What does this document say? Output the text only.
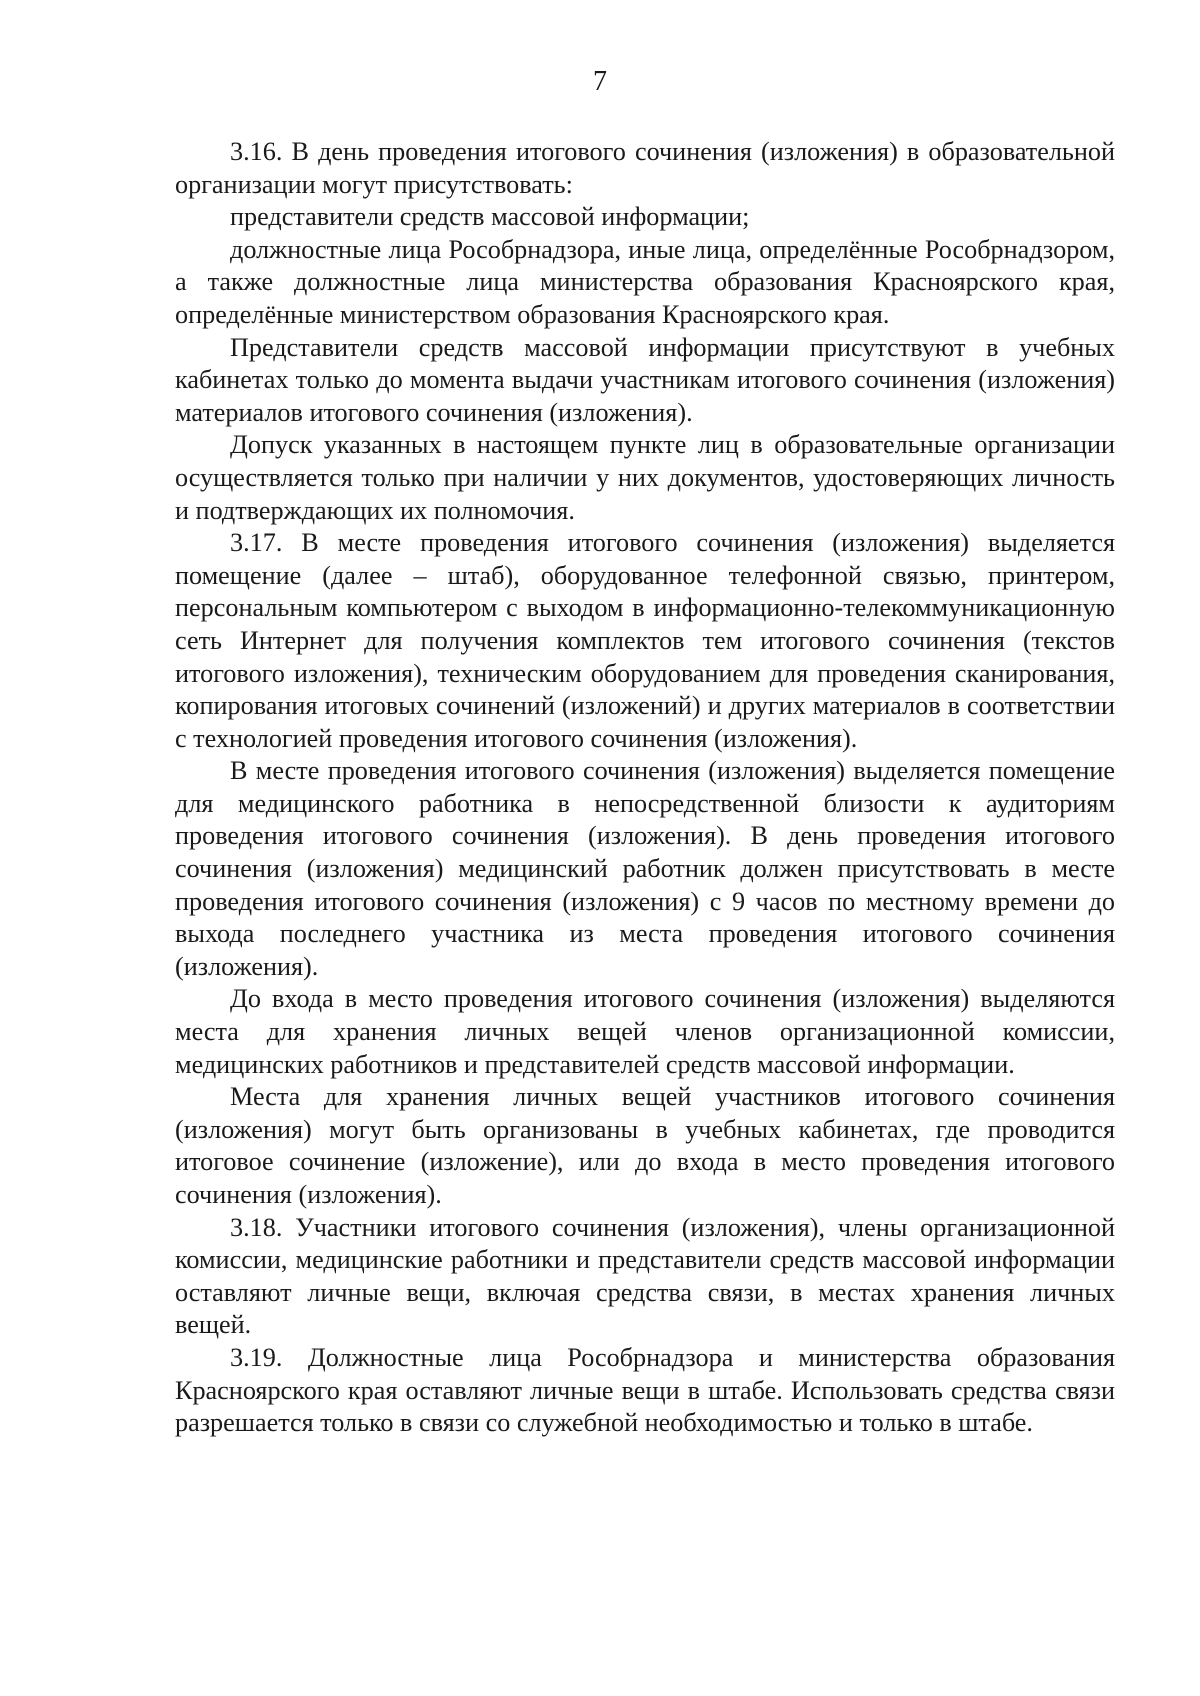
7

3.16. В день проведения итогового сочинения (изложения) в образовательной организации могут присутствовать:

представители средств массовой информации;

должностные лица Рособрнадзора, иные лица, определённые Рособрнадзором, а также должностные лица министерства образования Красноярского края, определённые министерством образования Красноярского края.

Представители средств массовой информации присутствуют в учебных кабинетах только до момента выдачи участникам итогового сочинения (изложения) материалов итогового сочинения (изложения).

Допуск указанных в настоящем пункте лиц в образовательные организации осуществляется только при наличии у них документов, удостоверяющих личность и подтверждающих их полномочия.

3.17. В месте проведения итогового сочинения (изложения) выделяется помещение (далее – штаб), оборудованное телефонной связью, принтером, персональным компьютером с выходом в информационно-телекоммуникационную сеть Интернет для получения комплектов тем итогового сочинения (текстов итогового изложения), техническим оборудованием для проведения сканирования, копирования итоговых сочинений (изложений) и других материалов в соответствии с технологией проведения итогового сочинения (изложения).

В месте проведения итогового сочинения (изложения) выделяется помещение для медицинского работника в непосредственной близости к аудиториям проведения итогового сочинения (изложения). В день проведения итогового сочинения (изложения) медицинский работник должен присутствовать в месте проведения итогового сочинения (изложения) с 9 часов по местному времени до выхода последнего участника из места проведения итогового сочинения (изложения).

До входа в место проведения итогового сочинения (изложения) выделяются места для хранения личных вещей членов организационной комиссии, медицинских работников и представителей средств массовой информации.

Места для хранения личных вещей участников итогового сочинения (изложения) могут быть организованы в учебных кабинетах, где проводится итоговое сочинение (изложение), или до входа в место проведения итогового сочинения (изложения).

3.18. Участники итогового сочинения (изложения), члены организационной комиссии, медицинские работники и представители средств массовой информации оставляют личные вещи, включая средства связи, в местах хранения личных вещей.

3.19. Должностные лица Рособрнадзора и министерства образования Красноярского края оставляют личные вещи в штабе. Использовать средства связи разрешается только в связи со служебной необходимостью и только в штабе.
